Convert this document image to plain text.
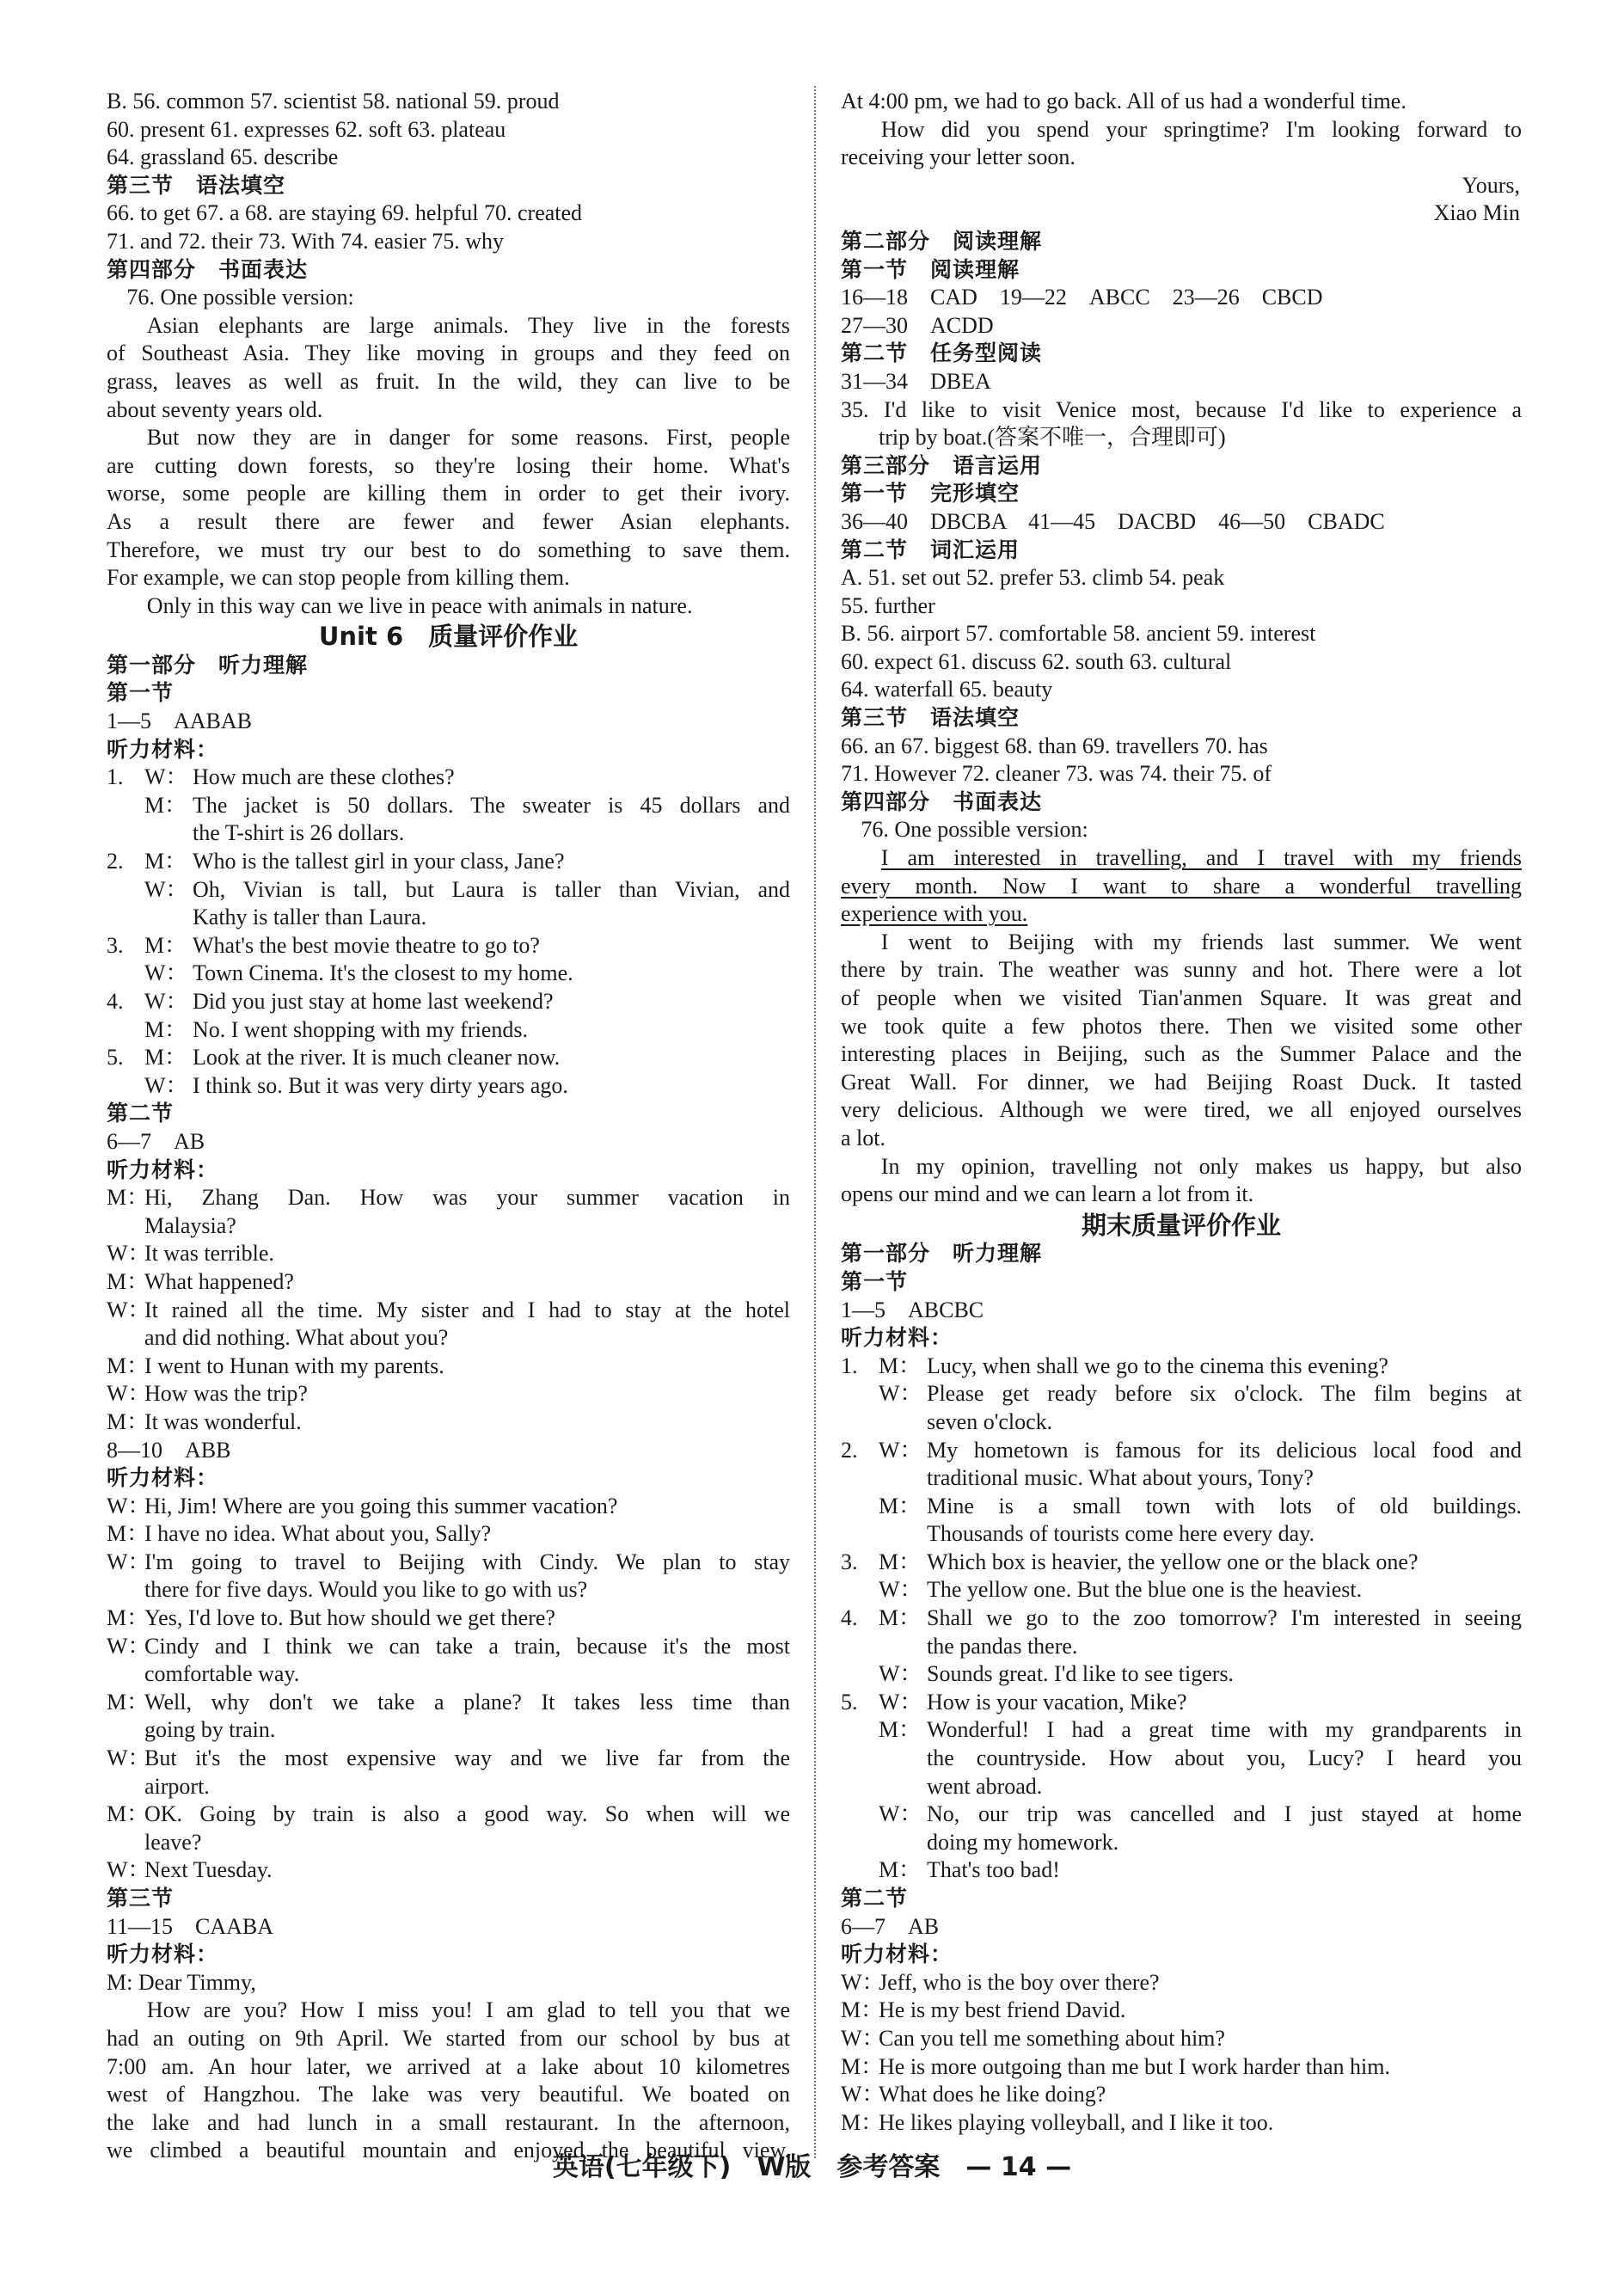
B. 56. common 57. scientist 58. national 59. proud
60. present 61. expresses 62. soft 63. plateau
64. grassland 65. describe
第三节　语法填空
66. to get 67. a 68. are staying 69. helpful 70. created
71. and 72. their 73. With 74. easier 75. why
第四部分　书面表达
76. One possible version:
Asian elephants are large animals. They live in the forests
of Southeast Asia. They like moving in groups and they feed on
grass, leaves as well as fruit. In the wild, they can live to be
about seventy years old.
But now they are in danger for some reasons. First, people
are cutting down forests, so they're losing their home. What's
worse, some people are killing them in order to get their ivory.
As a result there are fewer and fewer Asian elephants.
Therefore, we must try our best to do something to save them.
For example, we can stop people from killing them.
Only in this way can we live in peace with animals in nature.
Unit 6　质量评价作业
第一部分　听力理解
第一节
1—5　AABAB
听力材料：
1. W： How much are these clothes?
M： The jacket is 50 dollars. The sweater is 45 dollars and
the T-shirt is 26 dollars.
2. M： Who is the tallest girl in your class, Jane?
W： Oh, Vivian is tall, but Laura is taller than Vivian, and
Kathy is taller than Laura.
3. M： What's the best movie theatre to go to?
W： Town Cinema. It's the closest to my home.
4. W： Did you just stay at home last weekend?
M： No. I went shopping with my friends.
5. M： Look at the river. It is much cleaner now.
W： I think so. But it was very dirty years ago.
第二节
6—7　AB
听力材料：
M：
Hi, Zhang Dan. How was your summer vacation in
Malaysia?
W：
It was terrible.
M：
What happened?
W：
It rained all the time. My sister and I had to stay at the hotel
and did nothing. What about you?
M：
I went to Hunan with my parents.
W：
How was the trip?
M：
It was wonderful.
8—10　ABB
听力材料：
W：
Hi, Jim! Where are you going this summer vacation?
M：
I have no idea. What about you, Sally?
W：
I'm going to travel to Beijing with Cindy. We plan to stay
there for five days. Would you like to go with us?
M：
Yes, I'd love to. But how should we get there?
W：
Cindy and I think we can take a train, because it's the most
comfortable way.
M：
Well, why don't we take a plane? It takes less time than
going by train.
W：
But it's the most expensive way and we live far from the
airport.
M：
OK. Going by train is also a good way. So when will we
leave?
W：
Next Tuesday.
第三节
11—15　CAABA
听力材料：
M: Dear Timmy,
How are you? How I miss you! I am glad to tell you that we
had an outing on 9th April. We started from our school by bus at
7:00 am. An hour later, we arrived at a lake about 10 kilometres
west of Hangzhou. The lake was very beautiful. We boated on
the lake and had lunch in a small restaurant. In the afternoon,
we climbed a beautiful mountain and enjoyed the beautiful view.
At 4:00 pm, we had to go back. All of us had a wonderful time.
How did you spend your springtime? I'm looking forward to
receiving your letter soon.
Yours,
Xiao Min
第二部分　阅读理解
第一节　阅读理解
16—18　CAD　19—22　ABCC　23—26　CBCD
27—30　ACDD
第二节　任务型阅读
31—34　DBEA
35. I'd like to visit Venice most, because I'd like to experience a
trip by boat.(答案不唯一，合理即可)
第三部分　语言运用
第一节　完形填空
36—40　DBCBA　41—45　DACBD　46—50　CBADC
第二节　词汇运用
A. 51. set out 52. prefer 53. climb 54. peak
55. further
B. 56. airport 57. comfortable 58. ancient 59. interest
60. expect 61. discuss 62. south 63. cultural
64. waterfall 65. beauty
第三节　语法填空
66. an 67. biggest 68. than 69. travellers 70. has
71. However 72. cleaner 73. was 74. their 75. of
第四部分　书面表达
76. One possible version:
I am interested in travelling, and I travel with my friends
every month. Now I want to share a wonderful travelling
experience with you.
I went to Beijing with my friends last summer. We went
there by train. The weather was sunny and hot. There were a lot
of people when we visited Tian'anmen Square. It was great and
we took quite a few photos there. Then we visited some other
interesting places in Beijing, such as the Summer Palace and the
Great Wall. For dinner, we had Beijing Roast Duck. It tasted
very delicious. Although we were tired, we all enjoyed ourselves
a lot.
In my opinion, travelling not only makes us happy, but also
opens our mind and we can learn a lot from it.
期末质量评价作业
第一部分　听力理解
第一节
1—5　ABCBC
听力材料：
1. M： Lucy, when shall we go to the cinema this evening?
W： Please get ready before six o'clock. The film begins at
seven o'clock.
2. W： My hometown is famous for its delicious local food and
traditional music. What about yours, Tony?
M： Mine is a small town with lots of old buildings.
Thousands of tourists come here every day.
3. M： Which box is heavier, the yellow one or the black one?
W： The yellow one. But the blue one is the heaviest.
4. M： Shall we go to the zoo tomorrow? I'm interested in seeing
the pandas there.
W： Sounds great. I'd like to see tigers.
5. W： How is your vacation, Mike?
M： Wonderful! I had a great time with my grandparents in
the countryside. How about you, Lucy? I heard you
went abroad.
W： No, our trip was cancelled and I just stayed at home
doing my homework.
M： That's too bad!
第二节
6—7　AB
听力材料：
W：
Jeff, who is the boy over there?
M：
He is my best friend David.
W：
Can you tell me something about him?
M：
He is more outgoing than me but I work harder than him.
W：
What does he like doing?
M：
He likes playing volleyball, and I like it too.
英语(七年级下)　W版　参考答案　— 14 —
